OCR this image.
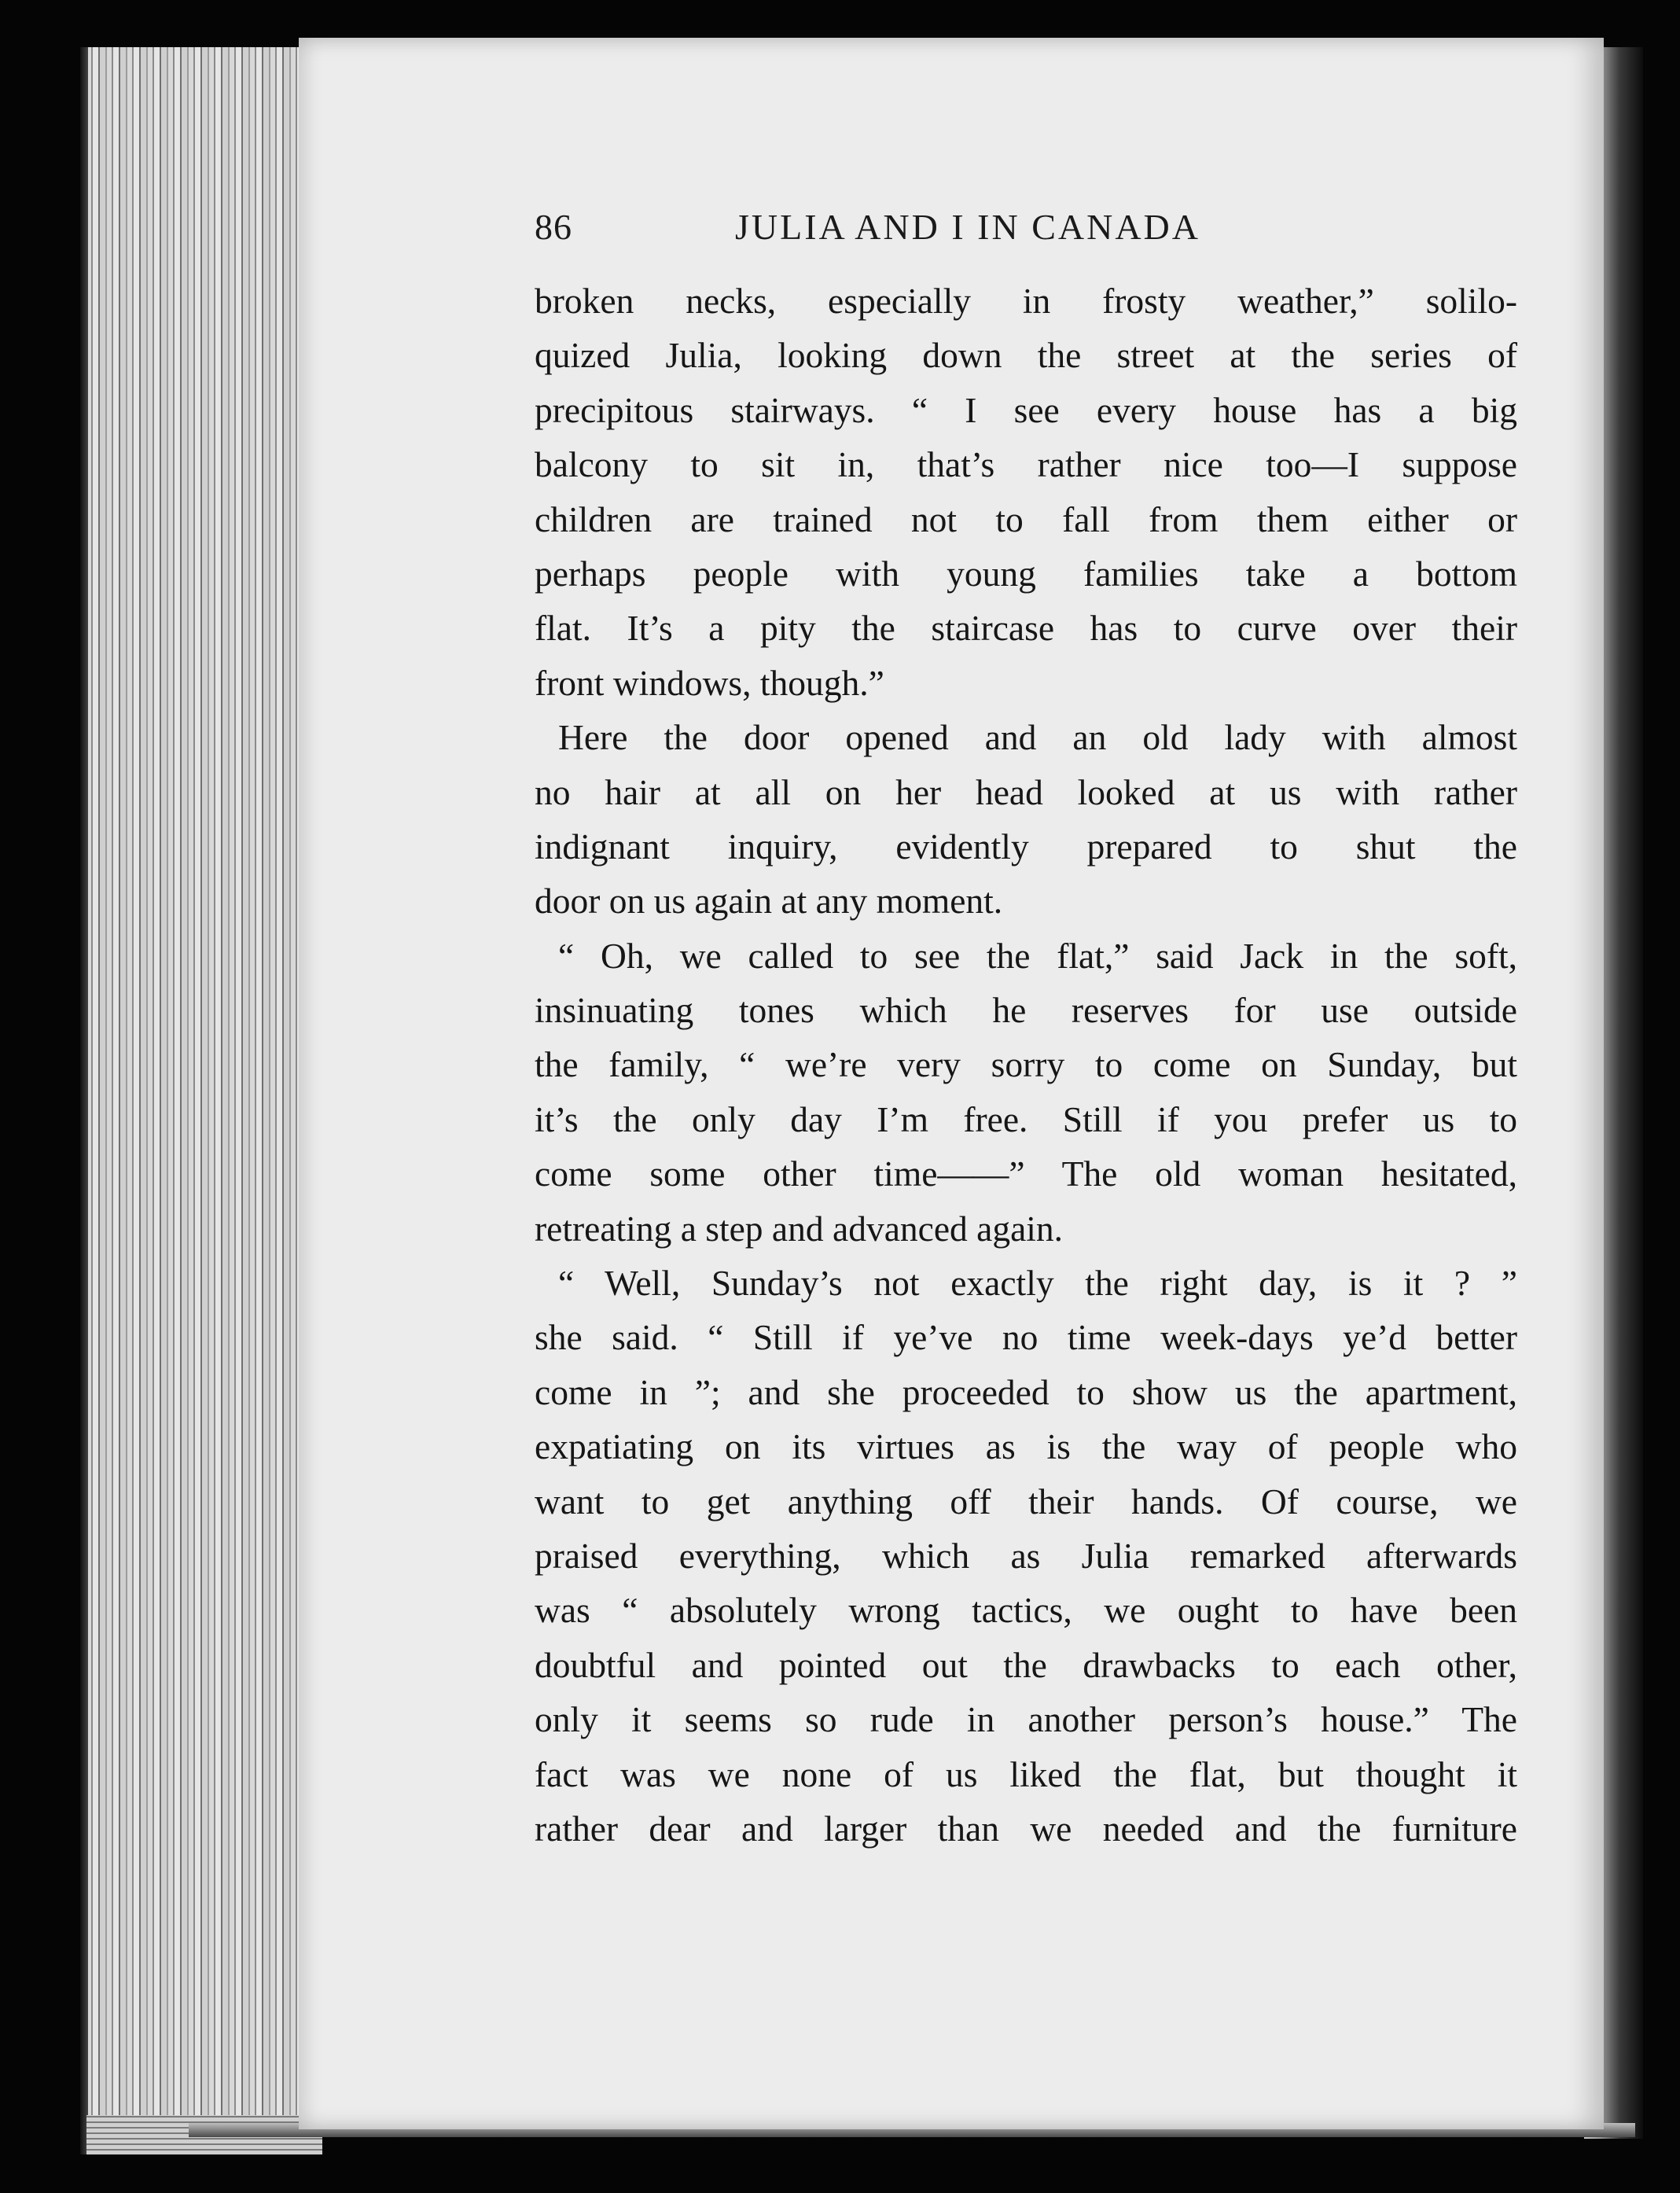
86	JULIA AND I IN CANADA
broken necks, especially in frosty weather,” solilo-
quized Julia, looking down the street at the series of
precipitous stairways. “ I see every house has a big
balcony to sit in, that’s rather nice too—I suppose
children are trained not to fall from them either or
perhaps people with young families take a bottom
flat. It’s a pity the staircase has to curve over their
front windows, though.”
Here the door opened and an old lady with almost
no hair at all on her head looked at us with rather
indignant inquiry, evidently prepared to shut the
door on us again at any moment.
“ Oh, we called to see the flat,” said Jack in the soft,
insinuating tones which he reserves for use outside
the family, “ we’re very sorry to come on Sunday, but
it’s the only day I’m free. Still if you prefer us to
come some other time——” The old woman hesitated,
retreating a step and advanced again.
“ Well, Sunday’s not exactly the right day, is it ? ”
she said. “ Still if ye’ve no time week-days ye’d better
come in ”; and she proceeded to show us the apartment,
expatiating on its virtues as is the way of people who
want to get anything off their hands. Of course, we
praised everything, which as Julia remarked afterwards
was “ absolutely wrong tactics, we ought to have been
doubtful and pointed out the drawbacks to each other,
only it seems so rude in another person’s house.” The
fact was we none of us liked the flat, but thought it
rather dear and larger than we needed and the furniture
